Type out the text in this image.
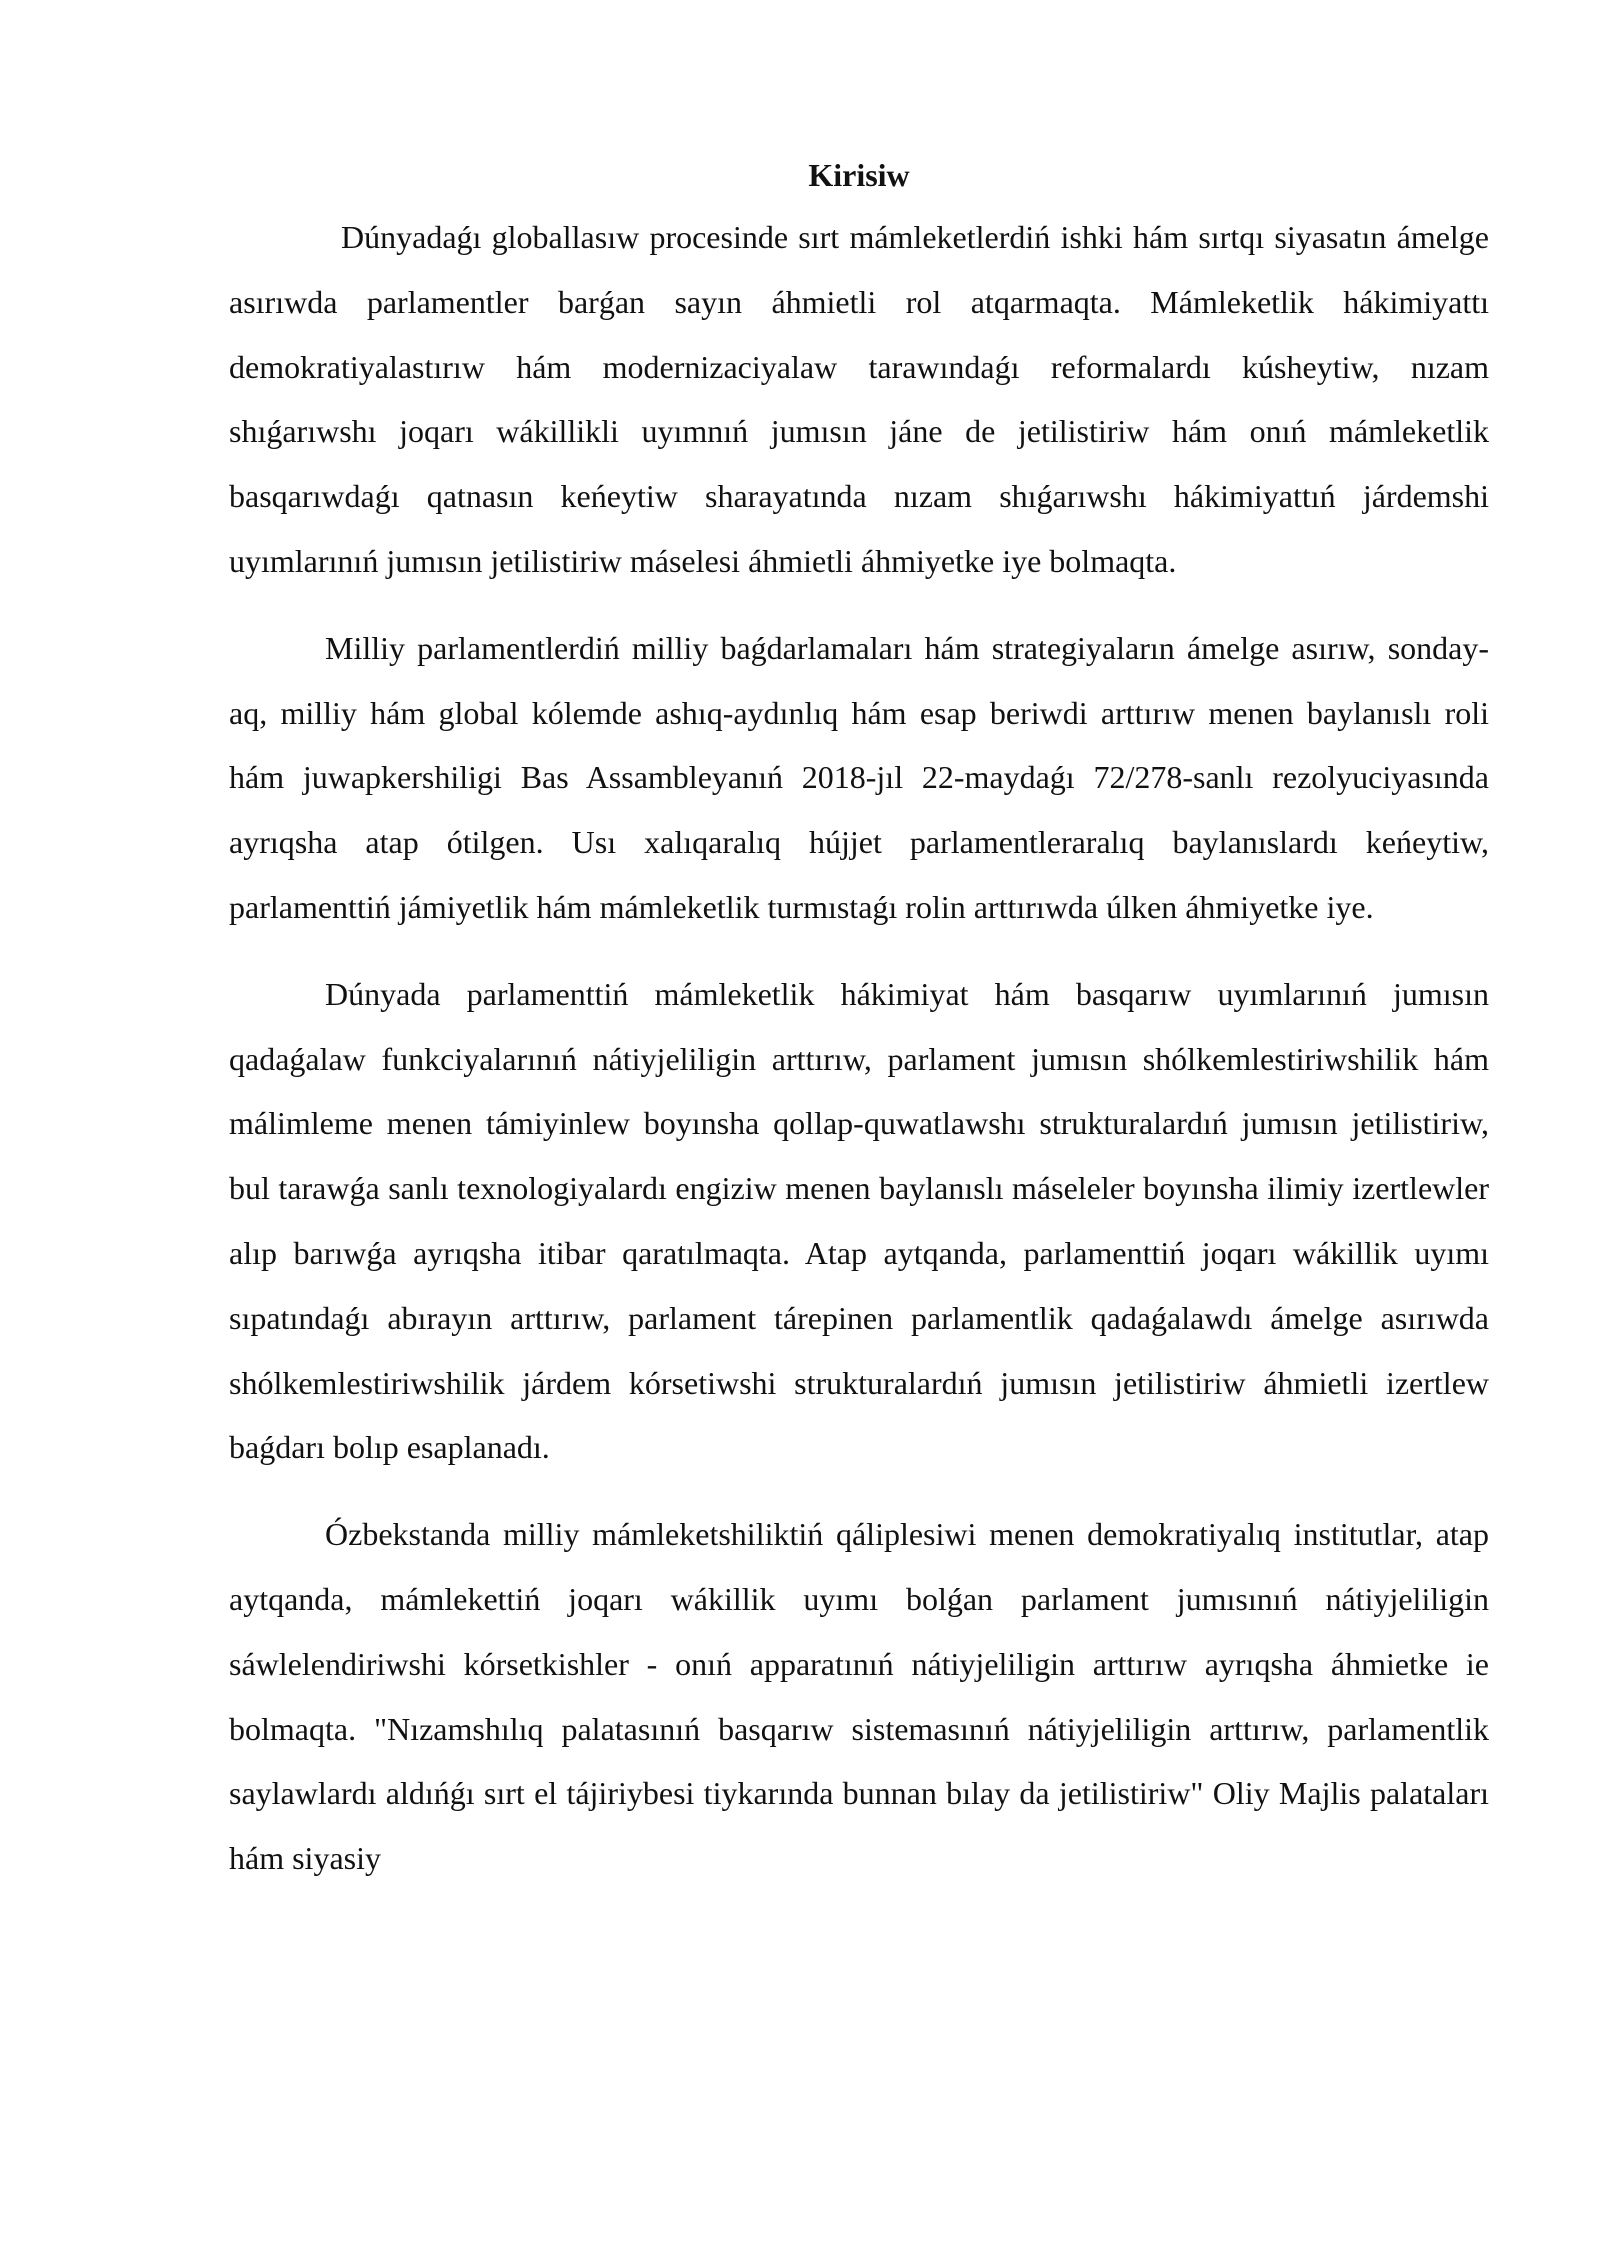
Kirisiw

Dúnyadaǵı globallasıw procesinde sırt mámleketlerdiń ishki hám sırtqı siyasatın ámelge asırıwda parlamentler barǵan sayın áhmietli rol atqarmaqta. Mámleketlik hákimiyattı demokratiyalastırıw hám modernizaciyalaw tarawındaǵı reformalardı kúsheytiw, nızam shıǵarıwshı joqarı wákillikli uyımnıń jumısın jáne de jetilistiriw hám onıń mámleketlik basqarıwdaǵı qatnasın keńeytiw sharayatında nızam shıǵarıwshı hákimiyattıń járdemshi uyımlarınıń jumısın jetilistiriw máselesi áhmietli áhmiyetke iye bolmaqta.

Milliy parlamentlerdiń milliy baǵdarlamaları hám strategiyaların ámelge asırıw, sonday-aq, milliy hám global kólemde ashıq-aydınlıq hám esap beriwdi arttırıw menen baylanıslı roli hám juwapkershiligi Bas Assambleyanıń 2018-jıl 22-maydaǵı 72/278-sanlı rezolyuciyasında ayrıqsha atap ótilgen. Usı xalıqaralıq hújjet parlamentleraralıq baylanıslardı keńeytiw, parlamenttiń jámiyetlik hám mámleketlik turmıstaǵı rolin arttırıwda úlken áhmiyetke iye.

Dúnyada parlamenttiń mámleketlik hákimiyat hám basqarıw uyımlarınıń jumısın qadaǵalaw funkciyalarınıń nátiyjeliligin arttırıw, parlament jumısın shólkemlestiriwshilik hám málimleme menen támiyinlew boyınsha qollap-quwatlawshı strukturalardıń jumısın jetilistiriw, bul tarawǵa sanlı texnologiyalardı engiziw menen baylanıslı máseleler boyınsha ilimiy izertlewler alıp barıwǵa ayrıqsha itibar qaratılmaqta. Atap aytqanda, parlamenttiń joqarı wákillik uyımı sıpatındaǵı abırayın arttırıw, parlament tárepinen parlamentlik qadaǵalawdı ámelge asırıwda shólkemlestiriwshilik járdem kórsetiwshi strukturalardıń jumısın jetilistiriw áhmietli izertlew baǵdarı bolıp esaplanadı.

Ózbekstanda milliy mámleketshiliktiń qáliplesiwi menen demokratiyalıq institutlar, atap aytqanda, mámlekettiń joqarı wákillik uyımı bolǵan parlament jumısınıń nátiyjeliligin sáwlelendiriwshi kórsetkishler - onıń apparatınıń nátiyjeliligin arttırıw ayrıqsha áhmietke ie bolmaqta. "Nızamshılıq palatasınıń basqarıw sistemasınıń nátiyjeliligin arttırıw, parlamentlik saylawlardı aldıńǵı sırt el tájiriybesi tiykarında bunnan bılay da jetilistiriw" Oliy Majlis palataları hám siyasiy
